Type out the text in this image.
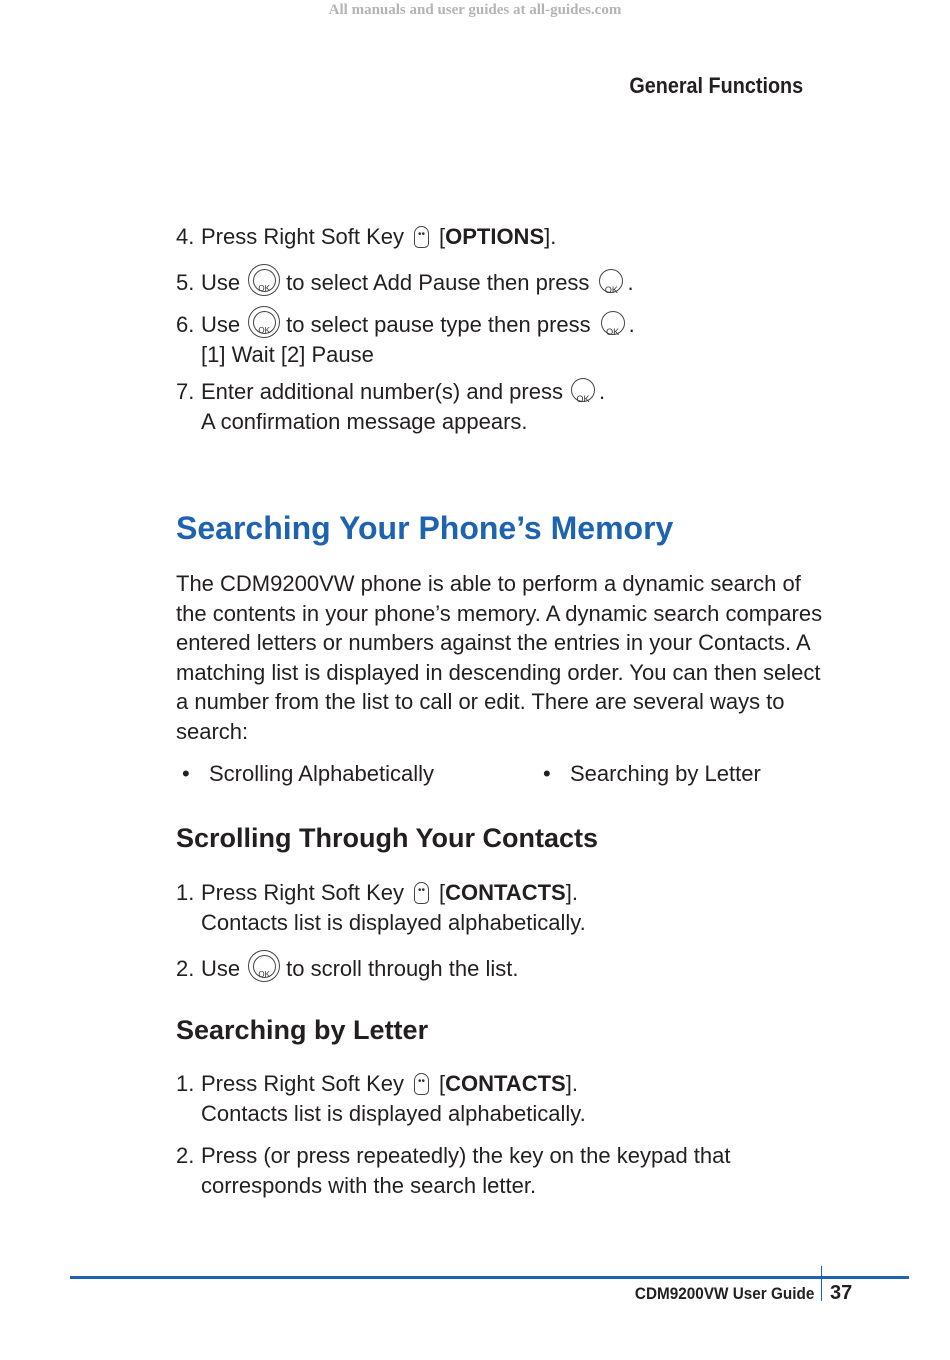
All manuals and user guides at all-guides.com
General Functions
4. Press Right Soft Key •• [OPTIONS].
5. Use	OK to select Add Pause then press	OK .
6. Use	OK to select pause type then press	OK .
[1] Wait [2] Pause
7. Enter additional number(s) and press	OK .
A confirmation message appears.
Searching Your Phone’s Memory
The CDM9200VW phone is able to perform a dynamic search of the contents in your phone’s memory. A dynamic search compares entered letters or numbers against the entries in your Contacts. A matching list is displayed in descending order. You can then select a number from the list to call or edit. There are several ways to search:
• Scrolling Alphabetically	• Searching by Letter
Scrolling Through Your Contacts
1. Press Right Soft Key •• [CONTACTS].
Contacts list is displayed alphabetically.
2. Use	OK to scroll through the list.
Searching by Letter
1. Press Right Soft Key •• [CONTACTS].
Contacts list is displayed alphabetically.
2. Press (or press repeatedly) the key on the keypad that
corresponds with the search letter.
CDM9200VW User Guide 37
